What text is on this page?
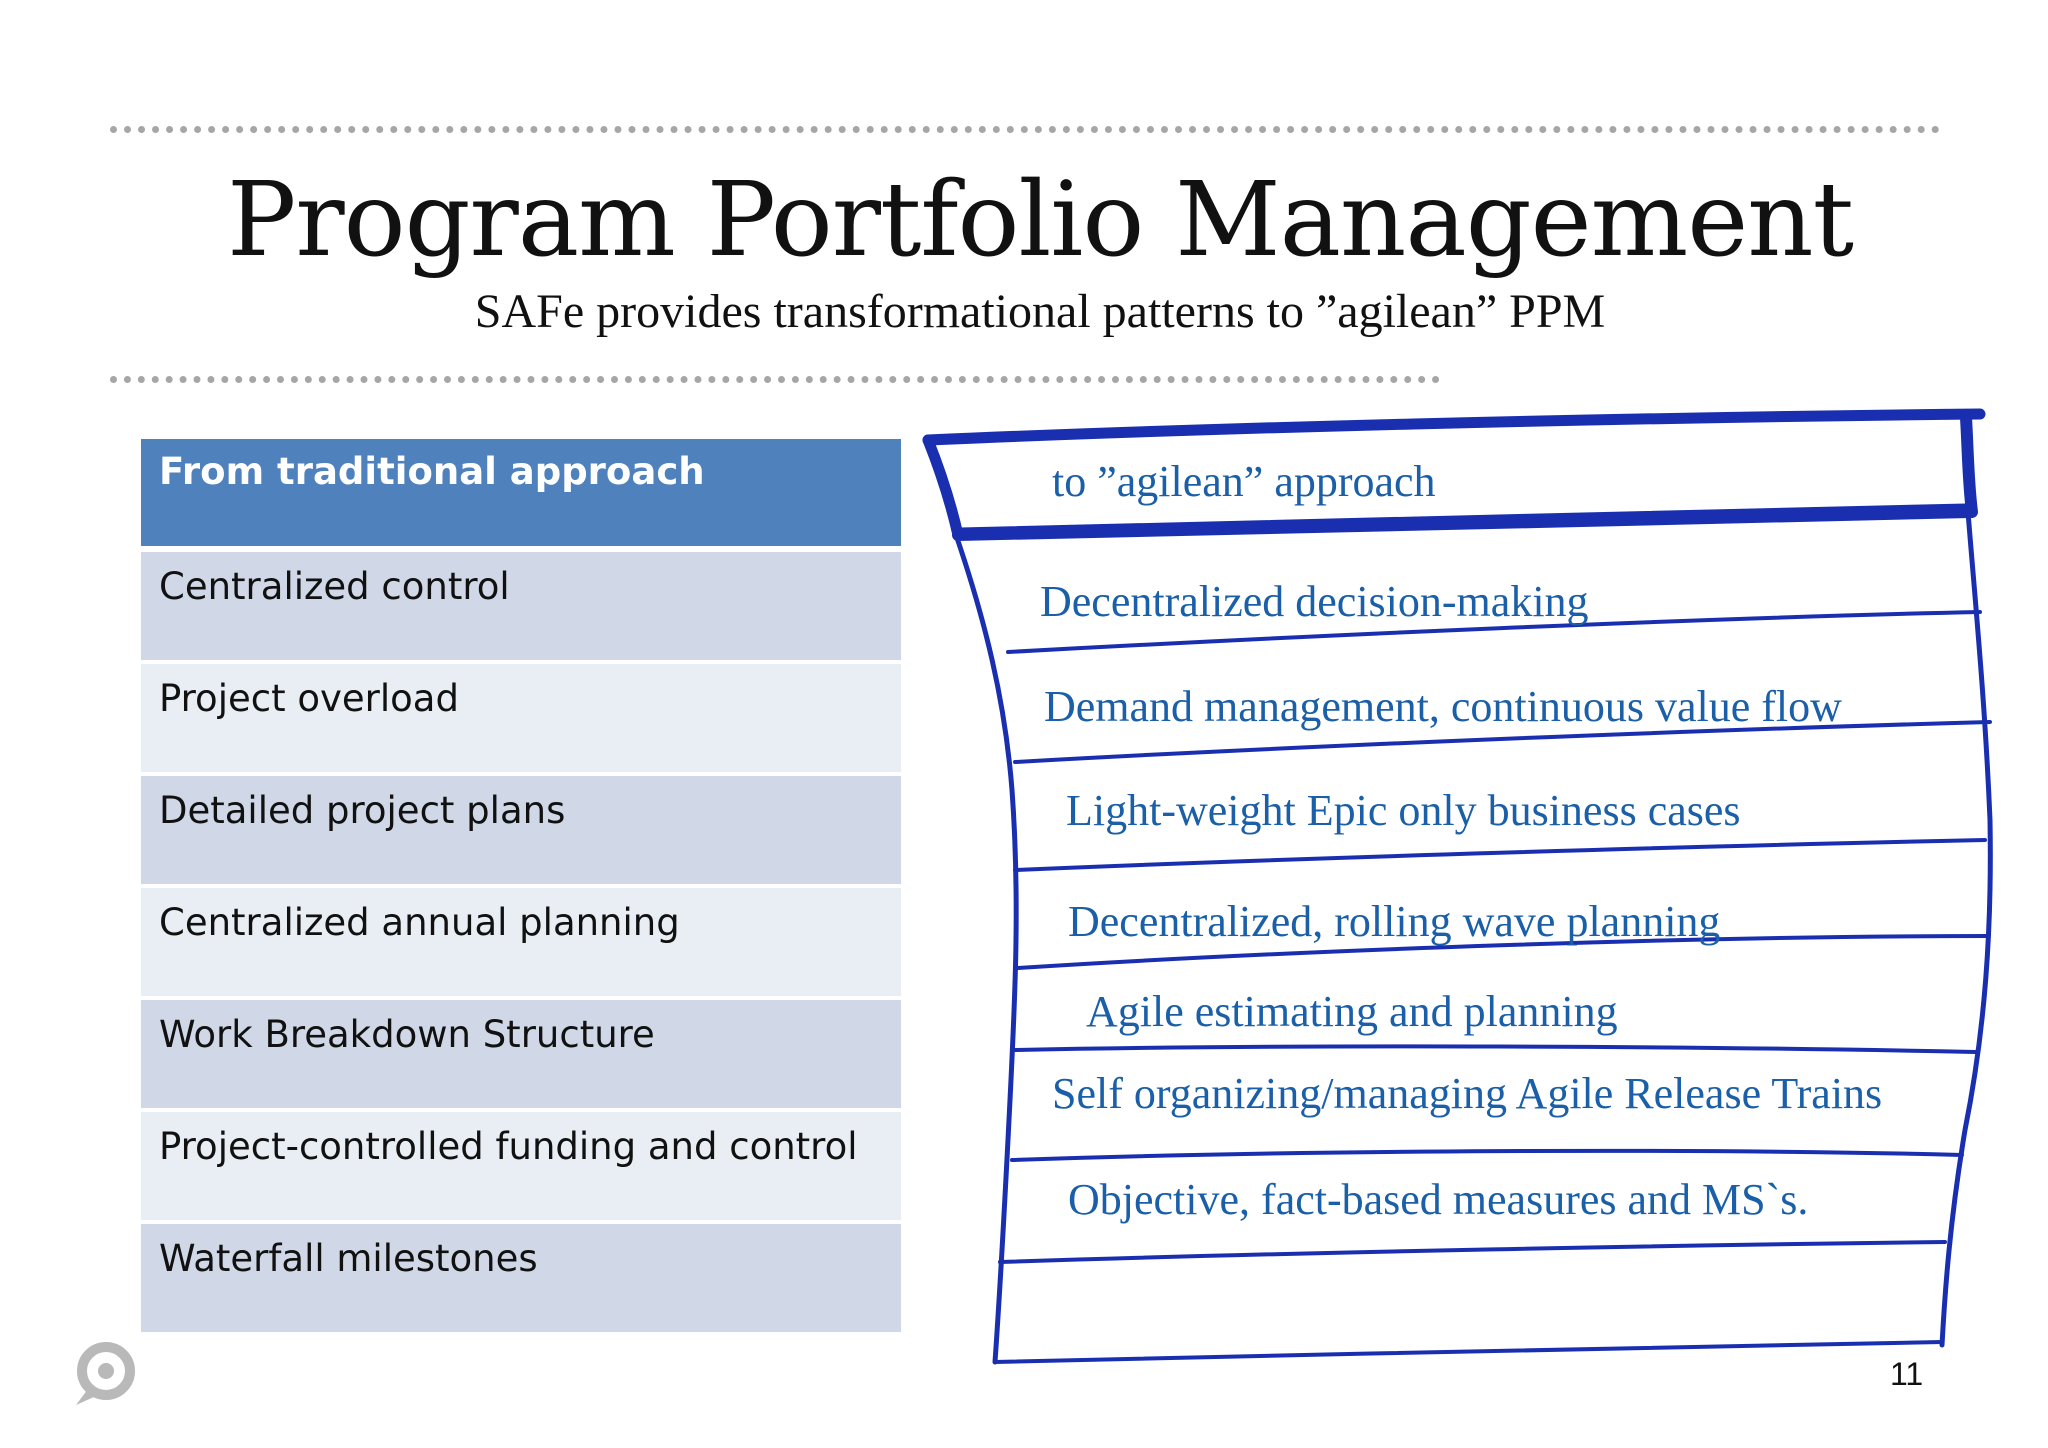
Program Portfolio Management
SAFe provides transformational patterns to ”agilean” PPM
From traditional approach
Centralized control
Project overload
Detailed project plans
Centralized annual planning
Work Breakdown Structure
Project-controlled funding and control
Waterfall milestones
to ”agilean” approach
Decentralized decision-making
Demand management, continuous value flow
Light-weight Epic only business cases
Decentralized, rolling wave planning
Agile estimating and planning
Self organizing/managing Agile Release Trains
Objective, fact-based measures and MS`s.
11
